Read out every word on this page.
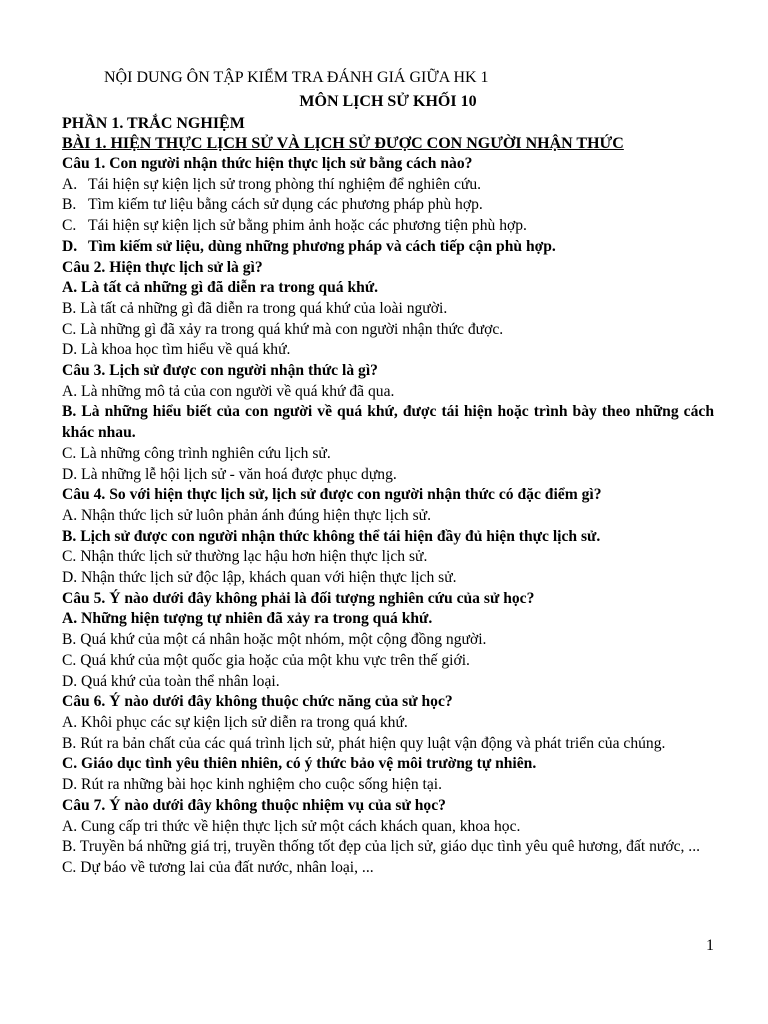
NỘI DUNG ÔN TẬP KIỂM TRA ĐÁNH GIÁ GIỮA HK 1

MÔN LỊCH SỬ KHỐI 10

PHẦN 1. TRẮC NGHIỆM

BÀI 1. HIỆN THỰC LỊCH SỬ VÀ LỊCH SỬ ĐƯỢC CON NGƯỜI NHẬN THỨC

Câu 1. Con người nhận thức hiện thực lịch sử bằng cách nào?

A. Tái hiện sự kiện lịch sử trong phòng thí nghiệm để nghiên cứu.

B. Tìm kiếm tư liệu bằng cách sử dụng các phương pháp phù hợp.

C. Tái hiện sự kiện lịch sử bằng phim ảnh hoặc các phương tiện phù hợp.

D. Tìm kiếm sử liệu, dùng những phương pháp và cách tiếp cận phù hợp.

Câu 2. Hiện thực lịch sử là gì?

A. Là tất cả những gì đã diễn ra trong quá khứ.

B. Là tất cả những gì đã diễn ra trong quá khứ của loài người.

C. Là những gì đã xảy ra trong quá khứ mà con người nhận thức được.

D. Là khoa học tìm hiểu về quá khứ.

Câu 3. Lịch sử được con người nhận thức là gì?

A. Là những mô tả của con người về quá khứ đã qua.

B. Là những hiểu biết của con người về quá khứ, được tái hiện hoặc trình bày theo những cách khác nhau.

C. Là những công trình nghiên cứu lịch sử.

D. Là những lễ hội lịch sử - văn hoá được phục dựng.

Câu 4. So với hiện thực lịch sử, lịch sử được con người nhận thức có đặc điểm gì?

A. Nhận thức lịch sử luôn phản ánh đúng hiện thực lịch sử.

B. Lịch sử được con người nhận thức không thể tái hiện đầy đủ hiện thực lịch sử.

C. Nhận thức lịch sử thường lạc hậu hơn hiện thực lịch sử.

D. Nhận thức lịch sử độc lập, khách quan với hiện thực lịch sử.

Câu 5. Ý nào dưới đây không phải là đối tượng nghiên cứu của sử học?

A. Những hiện tượng tự nhiên đã xảy ra trong quá khứ.

B. Quá khứ của một cá nhân hoặc một nhóm, một cộng đồng người.

C. Quá khứ của một quốc gia hoặc của một khu vực trên thế giới.

D. Quá khứ của toàn thể nhân loại.

Câu 6. Ý nào dưới đây không thuộc chức năng của sử học?

A. Khôi phục các sự kiện lịch sử diễn ra trong quá khứ.

B. Rút ra bản chất của các quá trình lịch sử, phát hiện quy luật vận động và phát triển của chúng.

C. Giáo dục tình yêu thiên nhiên, có ý thức bảo vệ môi trường tự nhiên.

D. Rút ra những bài học kinh nghiệm cho cuộc sống hiện tại.

Câu 7. Ý nào dưới đây không thuộc nhiệm vụ của sử học?

A. Cung cấp tri thức về hiện thực lịch sử một cách khách quan, khoa học.

B. Truyền bá những giá trị, truyền thống tốt đẹp của lịch sử, giáo dục tình yêu quê hương, đất nước, ...

C. Dự báo về tương lai của đất nước, nhân loại, ...

1
